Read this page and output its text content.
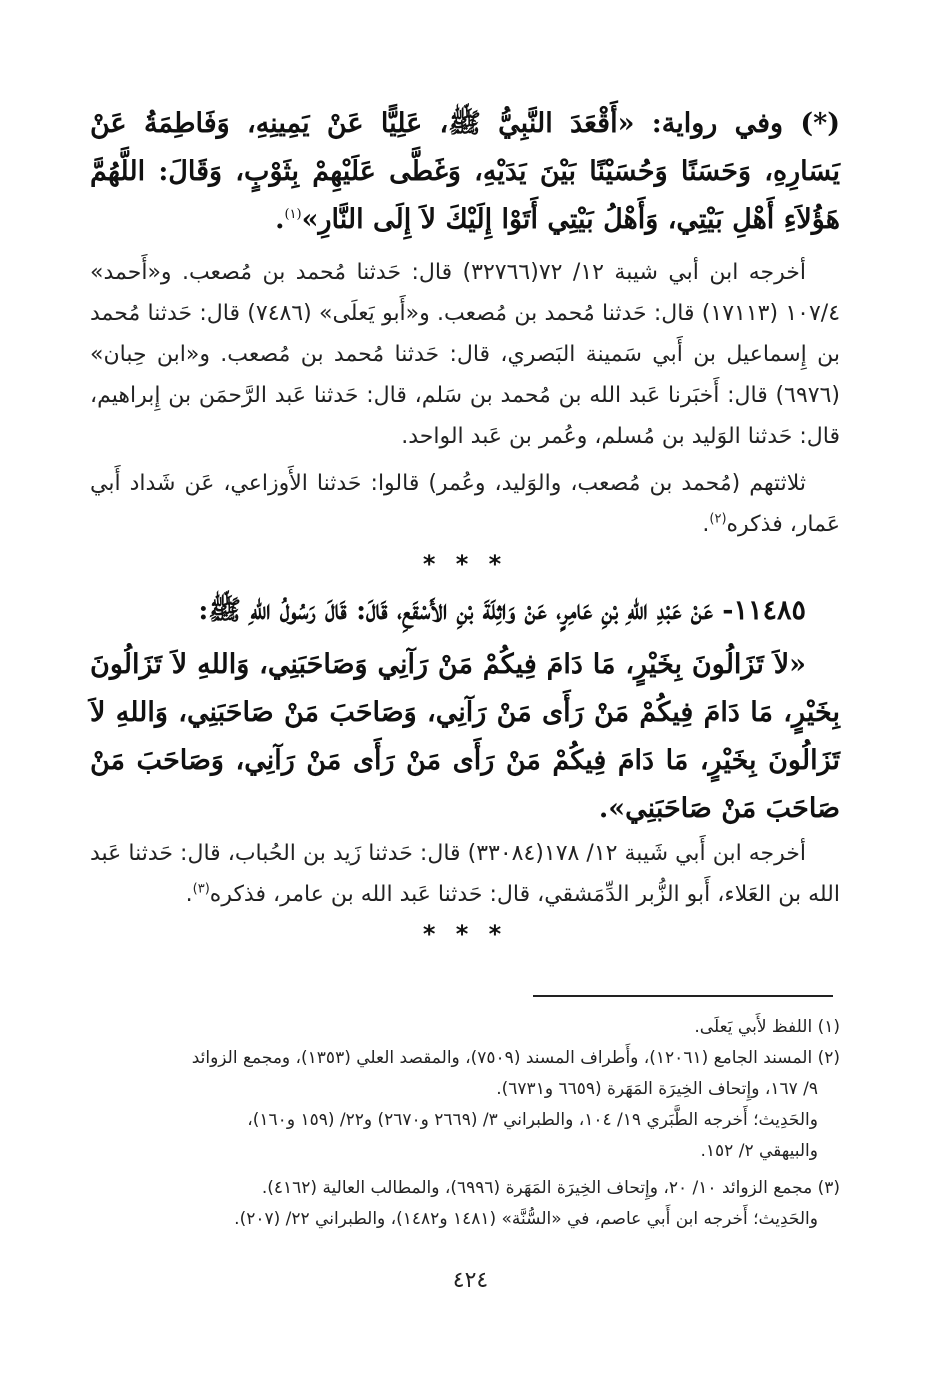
(*) وفي رواية: «أَقْعَدَ النَّبِيُّ ﷺ، عَلِيًّا عَنْ يَمِينِهِ، وَفَاطِمَةُ عَنْ يَسَارِهِ، وَحَسَنًا وَحُسَيْنًا بَيْنَ يَدَيْهِ، وَغَطَّى عَلَيْهِمْ بِثَوْبٍ، وَقَالَ: اللَّهُمَّ هَؤُلاَءِ أَهْلِ بَيْتِي، وَأَهْلُ بَيْتِي أَتَوْا إِلَيْكَ لاَ إِلَى النَّارِ»$^{(١)}$.

أخرجه ابن أبي شيبة ١٢/ ٧٢(٣٢٧٦٦) قال: حَدثنا مُحمد بن مُصعب. و«أَحمد» ١٠٧/٤ (١٧١١٣) قال: حَدثنا مُحمد بن مُصعب. و«أَبو يَعلَى» (٧٤٨٦) قال: حَدثنا مُحمد بن إِسماعيل بن أَبي سَمينة البَصري، قال: حَدثنا مُحمد بن مُصعب. و«ابن حِبان» (٦٩٧٦) قال: أَخبَرنا عَبد الله بن مُحمد بن سَلم، قال: حَدثنا عَبد الرَّحمَن بن إِبراهيم، قال: حَدثنا الوَليد بن مُسلم، وعُمر بن عَبد الواحد.

ثلاثتهم (مُحمد بن مُصعب، والوَليد، وعُمر) قالوا: حَدثنا الأَوزاعي، عَن شَداد أَبي عَمار، فذكره$^{(٢)}$.

* * *

١١٤٨٥- عَنْ عَبْدِ اللهِ بْنِ عَامِرٍ، عَنْ وَاثِلَةَ بْنِ الأَسْقَعِ، قَالَ: قَالَ رَسُولُ اللهِ ﷺ:

«لاَ تَزَالُونَ بِخَيْرٍ، مَا دَامَ فِيكُمْ مَنْ رَآنِي وَصَاحَبَنِي، وَاللهِ لاَ تَزَالُونَ بِخَيْرٍ، مَا دَامَ فِيكُمْ مَنْ رَأَى مَنْ رَآنِي، وَصَاحَبَ مَنْ صَاحَبَنِي، وَاللهِ لاَ تَزَالُونَ بِخَيْرٍ، مَا دَامَ فِيكُمْ مَنْ رَأَى مَنْ رَأَى مَنْ رَآنِي، وَصَاحَبَ مَنْ صَاحَبَ مَنْ صَاحَبَنِي».

أخرجه ابن أَبي شَيبة ١٢/ ١٧٨(٣٣٠٨٤) قال: حَدثنا زَيد بن الحُباب، قال: حَدثنا عَبد الله بن العَلاء، أَبو الزُّبر الدِّمَشقي، قال: حَدثنا عَبد الله بن عامر، فذكره$^{(٣)}$.

* * *

(١) اللفظ لأَبي يَعلَى.

(٢) المسند الجامع (١٢٠٦١)، وأَطراف المسند (٧٥٠٩)، والمقصد العلي (١٣٥٣)، ومجمع الزوائد

٩/ ١٦٧، وإِتحاف الخِيرَة المَهَرة (٦٦٥٩ و٦٧٣١).

والحَدِيث؛ أَخرجه الطَّبَري ١٩/ ١٠٤، والطبراني ٣/ (٢٦٦٩ و٢٦٧٠) و٢٢/ (١٥٩ و١٦٠)،

والبيهقي ٢/ ١٥٢.

(٣) مجمع الزوائد ١٠/ ٢٠، وإِتحاف الخِيرَة المَهَرة (٦٩٩٦)، والمطالب العالية (٤١٦٢).

والحَدِيث؛ أَخرجه ابن أَبي عاصم، في «السُّنَّة» (١٤٨١ و١٤٨٢)، والطبراني ٢٢/ (٢٠٧).

٤٢٤
